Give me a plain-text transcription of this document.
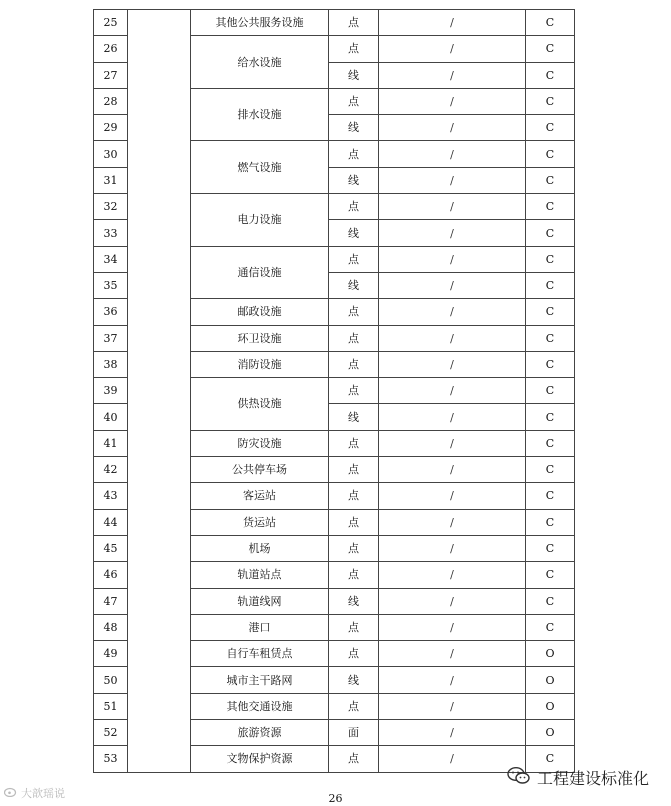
25		其他公共服务设施	点	/	C
26		给水设施	点	/	C
27			线	/	C
28		排水设施	点	/	C
29			线	/	C
30		燃气设施	点	/	C
31			线	/	C
32		电力设施	点	/	C
33			线	/	C
34		通信设施	点	/	C
35			线	/	C
36		邮政设施	点	/	C
37		环卫设施	点	/	C
38		消防设施	点	/	C
39		供热设施	点	/	C
40			线	/	C
41		防灾设施	点	/	C
42		公共停车场	点	/	C
43		客运站	点	/	C
44		货运站	点	/	C
45		机场	点	/	C
46		轨道站点	点	/	C
47		轨道线网	线	/	C
48		港口	点	/	C
49		自行车租赁点	点	/	O
50		城市主干路网	线	/	O
51		其他交通设施	点	/	O
52		旅游资源	面	/	O
53		文物保护资源	点	/	C
26
大歆瑶说
工程建设标准化
